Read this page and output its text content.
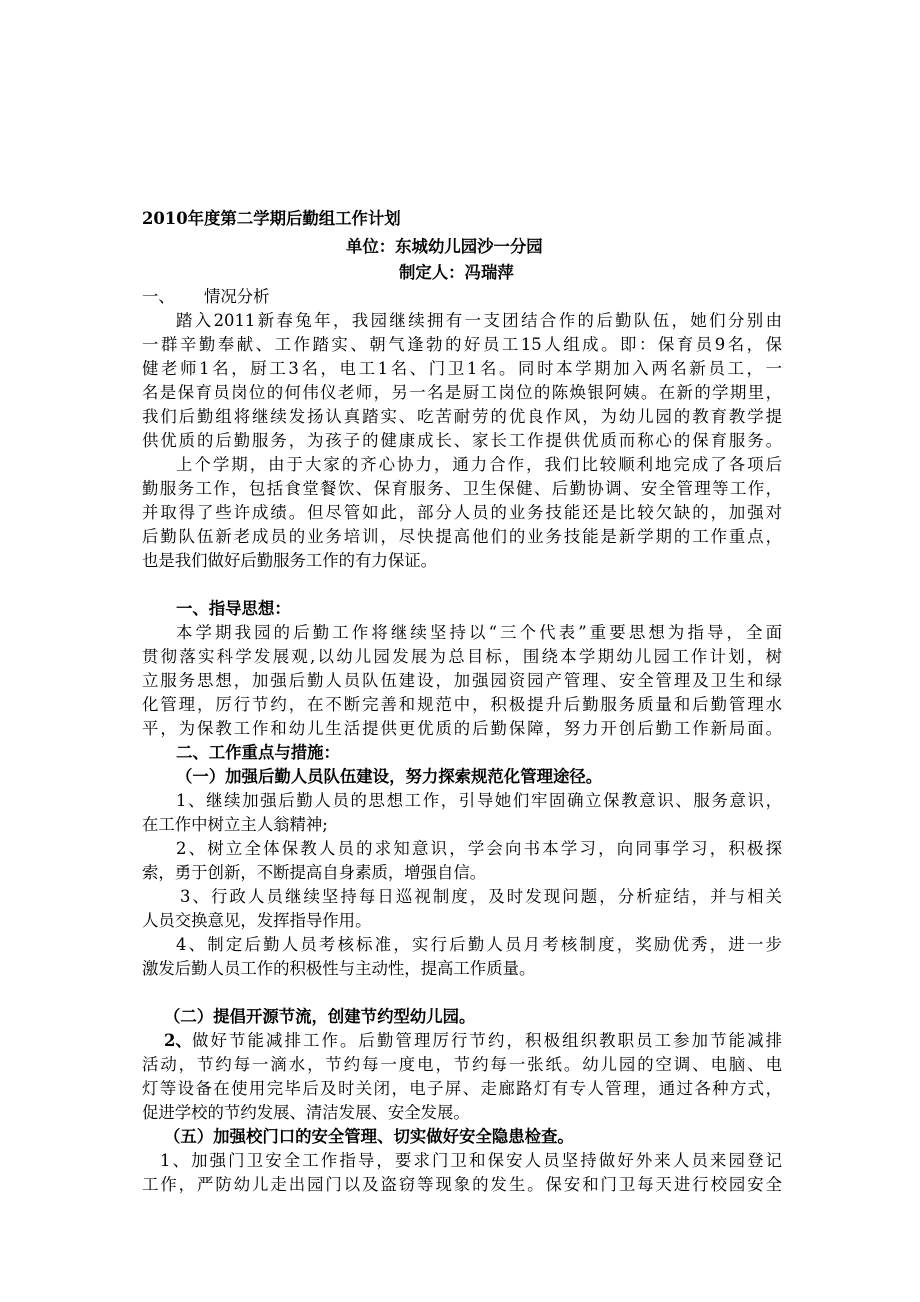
2010年度第二学期后勤组工作计划
单位：东城幼儿园沙一分园
制定人：冯瑞萍
一、	情况分析
踏入2011新春兔年，我园继续拥有一支团结合作的后勤队伍，她们分别由
一群辛勤奉献、工作踏实、朝气逢勃的好员工15人组成。即：保育员9名，保
健老师1名，厨工3名，电工1名、门卫1名。同时本学期加入两名新员工，一
名是保育员岗位的何伟仪老师，另一名是厨工岗位的陈焕银阿姨。在新的学期里，
我们后勤组将继续发扬认真踏实、吃苦耐劳的优良作风，为幼儿园的教育教学提
供优质的后勤服务，为孩子的健康成长、家长工作提供优质而称心的保育服务。
上个学期，由于大家的齐心协力，通力合作，我们比较顺利地完成了各项后
勤服务工作，包括食堂餐饮、保育服务、卫生保健、后勤协调、安全管理等工作，
并取得了些许成绩。但尽管如此，部分人员的业务技能还是比较欠缺的，加强对
后勤队伍新老成员的业务培训，尽快提高他们的业务技能是新学期的工作重点，
也是我们做好后勤服务工作的有力保证。
一、指导思想：
本学期我园的后勤工作将继续坚持以“三个代表”重要思想为指导，全面
贯彻落实科学发展观,以幼儿园发展为总目标，围绕本学期幼儿园工作计划，树
立服务思想，加强后勤人员队伍建设，加强园资园产管理、安全管理及卫生和绿
化管理，厉行节约，在不断完善和规范中，积极提升后勤服务质量和后勤管理水
平，为保教工作和幼儿生活提供更优质的后勤保障，努力开创后勤工作新局面。
二、工作重点与措施：
（一）加强后勤人员队伍建设，努力探索规范化管理途径。
1、继续加强后勤人员的思想工作，引导她们牢固确立保教意识、服务意识，
在工作中树立主人翁精神;
2、树立全体保教人员的求知意识，学会向书本学习，向同事学习，积极探
索，勇于创新，不断提高自身素质，增强自信。
3、行政人员继续坚持每日巡视制度，及时发现问题，分析症结，并与相关
人员交换意见，发挥指导作用。
4、制定后勤人员考核标准，实行后勤人员月考核制度，奖励优秀，进一步
激发后勤人员工作的积极性与主动性，提高工作质量。
（二）提倡开源节流，创建节约型幼儿园。
2、 做好节能减排工作。后勤管理厉行节约，积极组织教职员工参加节能减排
活动，节约每一滴水，节约每一度电，节约每一张纸。幼儿园的空调、电脑、电
灯等设备在使用完毕后及时关闭，电子屏、走廊路灯有专人管理，通过各种方式，
促进学校的节约发展、清洁发展、安全发展。
（五）加强校门口的安全管理、切实做好安全隐患检查。
1、加强门卫安全工作指导，要求门卫和保安人员坚持做好外来人员来园登记
工作，严防幼儿走出园门以及盗窃等现象的发生。保安和门卫每天进行校园安全
